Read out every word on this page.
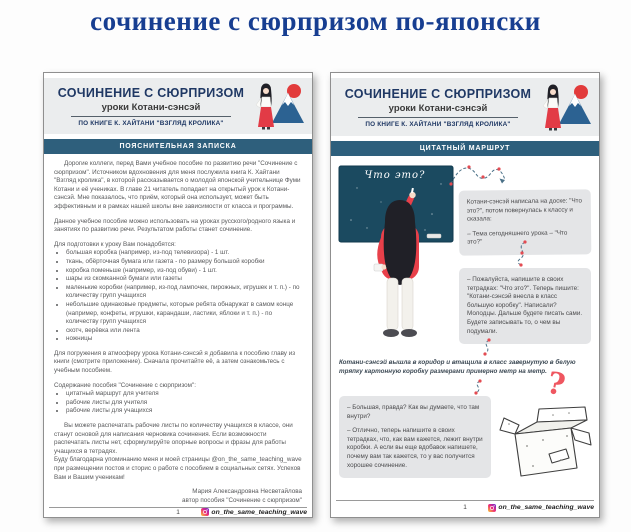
сочинение с сюрпризом по-японски
СОЧИНЕНИЕ С СЮРПРИЗОМ
уроки Котани-сэнсэй
ПО КНИГЕ К. ХАЙТАНИ "ВЗГЛЯД КРОЛИКА"
ПОЯСНИТЕЛЬНАЯ ЗАПИСКА

Дорогие коллеги, перед Вами учебное пособие по развитию речи "Сочинение с сюрпризом". Источником вдохновения для меня послужила книга К. Хайтани "Взгляд кролика", в которой рассказывается о молодой японской учительнице Фуми Котани и её учениках. В главе 21 читатель попадает на открытый урок к Котани-сэнсэй. Мне показалось, что приём, который она использует, может быть эффективным и в рамках нашей школы вне зависимости от класса и программы.

Данное учебное пособие можно использовать на уроках русского/родного языка и занятиях по развитию речи. Результатом работы станет сочинение.

Для подготовки к уроку Вам понадобятся:

• большая коробка (например, из-под телевизора) - 1 шт.
• ткань, обёрточная бумага или газета - по размеру большой коробки
• коробка поменьше (например, из-под обуви) - 1 шт.
• шары из скомканной бумаги или газеты
• маленькие коробки (например, из-под лампочек, пирожных, игрушек и т. п.) - по количеству групп учащихся
• небольшие одинаковые предметы, которые ребята обнаружат в самом конце (например, конфеты, игрушки, карандаши, ластики, яблоки и т. п.) - по количеству групп учащихся
• скотч, верёвка или лента
• ножницы

Для погружения в атмосферу урока Котани-сэнсэй я добавила к пособию главу из книги (смотрите приложение). Сначала прочитайте её, а затем ознакомьтесь с учебным пособием.

Содержание пособия "Сочинение с сюрпризом":

• цитатный маршрут для учителя
• рабочие листы для учителя
• рабочие листы для учащихся

Вы можете распечатать рабочие листы по количеству учащихся в классе, они станут основой для написания черновика сочинения. Если возможности распечатать листы нет, сформулируйте опорные вопросы и фразы для работы учащихся в тетрадях.

Буду благодарна упоминанию меня и моей страницы @on_the_same_teaching_wave при размещении постов и сторис о работе с пособием в социальных сетях. Успехов Вам и Вашим ученикам!

Мария Александровна Несветайлова
автор пособия "Сочинение с сюрпризом"
1	on_the_same_teaching_wave
СОЧИНЕНИЕ С СЮРПРИЗОМ
уроки Котани-сэнсэй
ПО КНИГЕ К. ХАЙТАНИ "ВЗГЛЯД КРОЛИКА"
ЦИТАТНЫЙ МАРШРУТ
Что это?
Котани-сэнсэй написала на доске: "Что это?", потом повернулась к классу и сказала:
– Тема сегодняшнего урока – "Что это?"
– Пожалуйста, напишите в своих тетрадках: "Что это?". Теперь пишите: "Котани-сэнсэй внесла в класс большую коробку". Написали? Молодцы. Дальше будете писать сами. Будете записывать то, о чем вы подумали.
Котани-сэнсэй вышла в коридор и втащила в класс завернутую в белую тряпку картонную коробку размерами примерно метр на метр.
– Большая, правда? Как вы думаете, что там внутри?
– Отлично, теперь напишите в своих тетрадках, что, как вам кажется, лежит внутри коробки. А если вы еще вдобавок напишете, почему вам так кажется, то у вас получится хорошее сочинение.
?
1	on_the_same_teaching_wave
